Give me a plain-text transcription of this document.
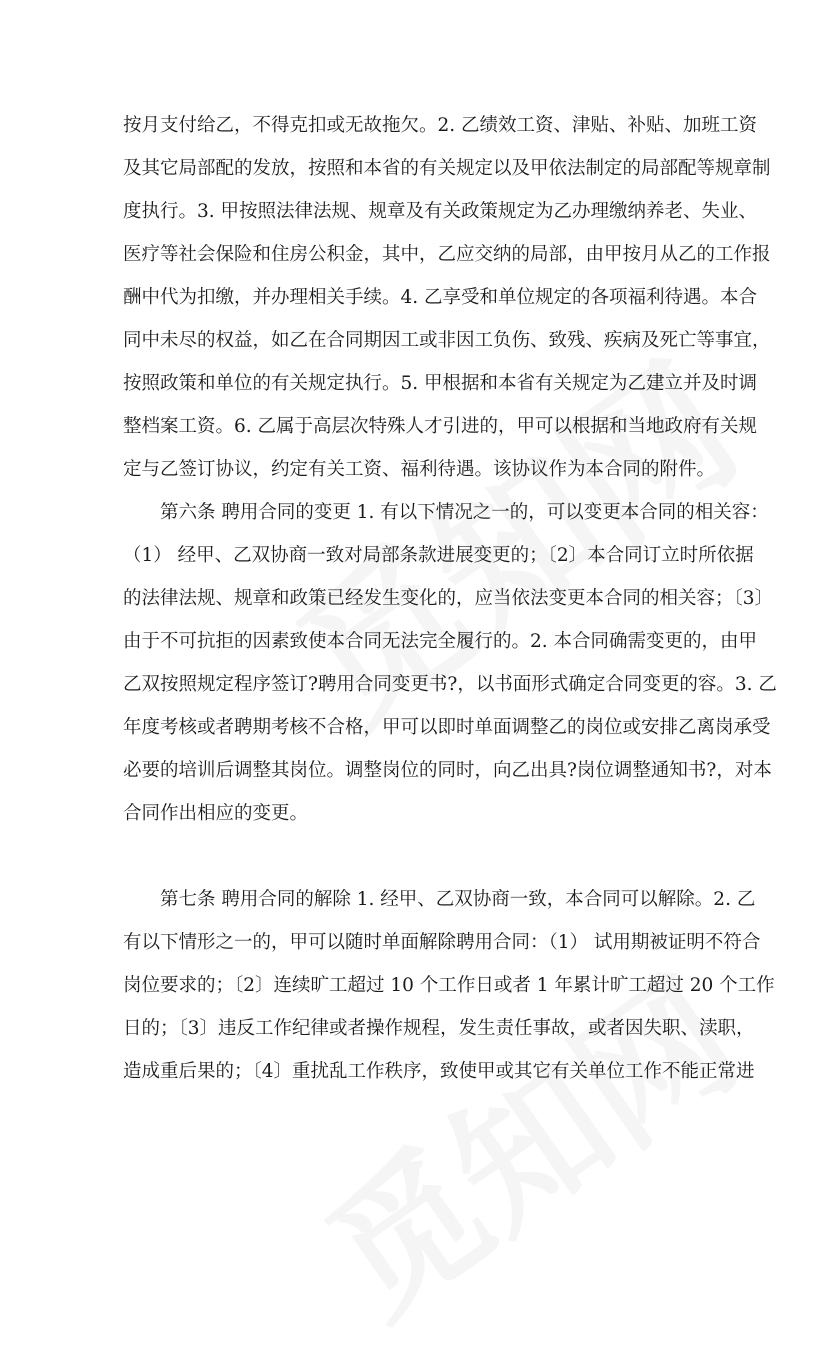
按月支付给乙，不得克扣或无故拖欠。2. 乙绩效工资、津贴、补贴、加班工资
及其它局部配的发放，按照和本省的有关规定以及甲依法制定的局部配等规章制
度执行。3. 甲按照法律法规、规章及有关政策规定为乙办理缴纳养老、失业、
医疗等社会保险和住房公积金，其中，乙应交纳的局部，由甲按月从乙的工作报
酬中代为扣缴，并办理相关手续。4. 乙享受和单位规定的各项福利待遇。本合
同中未尽的权益，如乙在合同期因工或非因工负伤、致残、疾病及死亡等事宜，
按照政策和单位的有关规定执行。5. 甲根据和本省有关规定为乙建立并及时调
整档案工资。6. 乙属于高层次特殊人才引进的，甲可以根据和当地政府有关规
定与乙签订协议，约定有关工资、福利待遇。该协议作为本合同的附件。
第六条 聘用合同的变更 1. 有以下情况之一的，可以变更本合同的相关容：
（1） 经甲、乙双协商一致对局部条款进展变更的；〔2〕本合同订立时所依据
的法律法规、规章和政策已经发生变化的，应当依法变更本合同的相关容；〔3〕
由于不可抗拒的因素致使本合同无法完全履行的。2. 本合同确需变更的，由甲
乙双按照规定程序签订?聘用合同变更书?，以书面形式确定合同变更的容。3. 乙
年度考核或者聘期考核不合格，甲可以即时单面调整乙的岗位或安排乙离岗承受
必要的培训后调整其岗位。调整岗位的同时，向乙出具?岗位调整通知书?，对本
合同作出相应的变更。
第七条 聘用合同的解除 1. 经甲、乙双协商一致，本合同可以解除。2. 乙
有以下情形之一的，甲可以随时单面解除聘用合同：（1） 试用期被证明不符合
岗位要求的；〔2〕连续旷工超过 10 个工作日或者 1 年累计旷工超过 20 个工作
日的；〔3〕违反工作纪律或者操作规程，发生责任事故，或者因失职、渎职，
造成重后果的；〔4〕重扰乱工作秩序，致使甲或其它有关单位工作不能正常进
